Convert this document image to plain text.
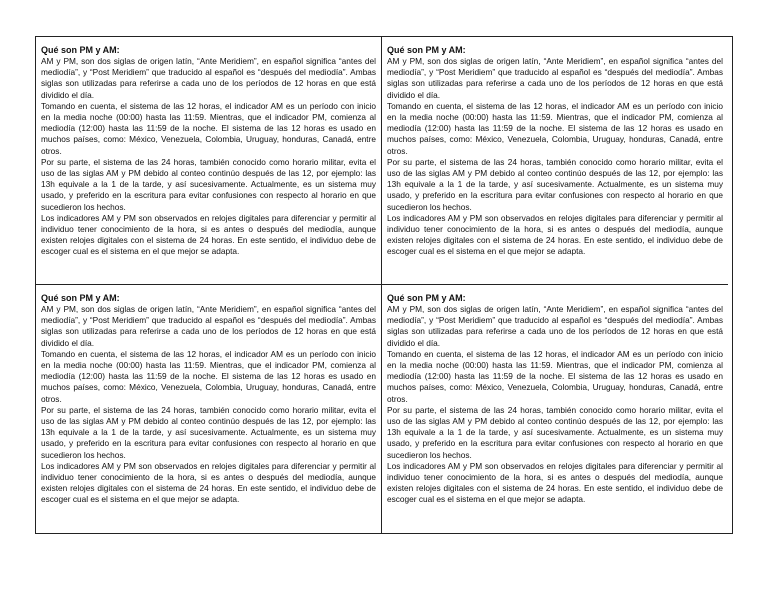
Qué son PM y AM:

AM y PM, son dos siglas de origen latín, “Ante Meridiem”, en español significa “antes del mediodía”, y “Post Meridiem” que traducido al español es “después del mediodía”. Ambas siglas son utilizadas para referirse a cada uno de los períodos de 12 horas en que está dividido el día.

Tomando en cuenta, el sistema de las 12 horas, el indicador AM es un período con inicio en la media noche (00:00) hasta las 11:59. Mientras, que el indicador PM, comienza al mediodía (12:00) hasta las 11:59 de la noche. El sistema de las 12 horas es usado en muchos países, como: México, Venezuela, Colombia, Uruguay, honduras, Canadá, entre otros.

Por su parte, el sistema de las 24 horas, también conocido como horario militar, evita el uso de las siglas AM y PM debido al conteo continúo después de las 12, por ejemplo: las 13h equivale a la 1 de la tarde, y así sucesivamente. Actualmente, es un sistema muy usado, y preferido en la escritura para evitar confusiones con respecto al horario en que sucedieron los hechos.

Los indicadores AM y PM son observados en relojes digitales para diferenciar y permitir al individuo tener conocimiento de la hora, si es antes o después del mediodía, aunque existen relojes digitales con el sistema de 24 horas. En este sentido, el individuo debe de escoger cual es el sistema en el que mejor se adapta.

Qué son PM y AM:

AM y PM, son dos siglas de origen latín, “Ante Meridiem”, en español significa “antes del mediodía”, y “Post Meridiem” que traducido al español es “después del mediodía”. Ambas siglas son utilizadas para referirse a cada uno de los períodos de 12 horas en que está dividido el día.

Tomando en cuenta, el sistema de las 12 horas, el indicador AM es un período con inicio en la media noche (00:00) hasta las 11:59. Mientras, que el indicador PM, comienza al mediodía (12:00) hasta las 11:59 de la noche. El sistema de las 12 horas es usado en muchos países, como: México, Venezuela, Colombia, Uruguay, honduras, Canadá, entre otros.

Por su parte, el sistema de las 24 horas, también conocido como horario militar, evita el uso de las siglas AM y PM debido al conteo continúo después de las 12, por ejemplo: las 13h equivale a la 1 de la tarde, y así sucesivamente. Actualmente, es un sistema muy usado, y preferido en la escritura para evitar confusiones con respecto al horario en que sucedieron los hechos.

Los indicadores AM y PM son observados en relojes digitales para diferenciar y permitir al individuo tener conocimiento de la hora, si es antes o después del mediodía, aunque existen relojes digitales con el sistema de 24 horas. En este sentido, el individuo debe de escoger cual es el sistema en el que mejor se adapta.

Qué son PM y AM:

AM y PM, son dos siglas de origen latín, “Ante Meridiem”, en español significa “antes del mediodía”, y “Post Meridiem” que traducido al español es “después del mediodía”. Ambas siglas son utilizadas para referirse a cada uno de los períodos de 12 horas en que está dividido el día.

Tomando en cuenta, el sistema de las 12 horas, el indicador AM es un período con inicio en la media noche (00:00) hasta las 11:59. Mientras, que el indicador PM, comienza al mediodía (12:00) hasta las 11:59 de la noche. El sistema de las 12 horas es usado en muchos países, como: México, Venezuela, Colombia, Uruguay, honduras, Canadá, entre otros.

Por su parte, el sistema de las 24 horas, también conocido como horario militar, evita el uso de las siglas AM y PM debido al conteo continúo después de las 12, por ejemplo: las 13h equivale a la 1 de la tarde, y así sucesivamente. Actualmente, es un sistema muy usado, y preferido en la escritura para evitar confusiones con respecto al horario en que sucedieron los hechos.

Los indicadores AM y PM son observados en relojes digitales para diferenciar y permitir al individuo tener conocimiento de la hora, si es antes o después del mediodía, aunque existen relojes digitales con el sistema de 24 horas. En este sentido, el individuo debe de escoger cual es el sistema en el que mejor se adapta.

Qué son PM y AM:

AM y PM, son dos siglas de origen latín, “Ante Meridiem”, en español significa “antes del mediodía”, y “Post Meridiem” que traducido al español es “después del mediodía”. Ambas siglas son utilizadas para referirse a cada uno de los períodos de 12 horas en que está dividido el día.

Tomando en cuenta, el sistema de las 12 horas, el indicador AM es un período con inicio en la media noche (00:00) hasta las 11:59. Mientras, que el indicador PM, comienza al mediodía (12:00) hasta las 11:59 de la noche. El sistema de las 12 horas es usado en muchos países, como: México, Venezuela, Colombia, Uruguay, honduras, Canadá, entre otros.

Por su parte, el sistema de las 24 horas, también conocido como horario militar, evita el uso de las siglas AM y PM debido al conteo continúo después de las 12, por ejemplo: las 13h equivale a la 1 de la tarde, y así sucesivamente. Actualmente, es un sistema muy usado, y preferido en la escritura para evitar confusiones con respecto al horario en que sucedieron los hechos.

Los indicadores AM y PM son observados en relojes digitales para diferenciar y permitir al individuo tener conocimiento de la hora, si es antes o después del mediodía, aunque existen relojes digitales con el sistema de 24 horas. En este sentido, el individuo debe de escoger cual es el sistema en el que mejor se adapta.
